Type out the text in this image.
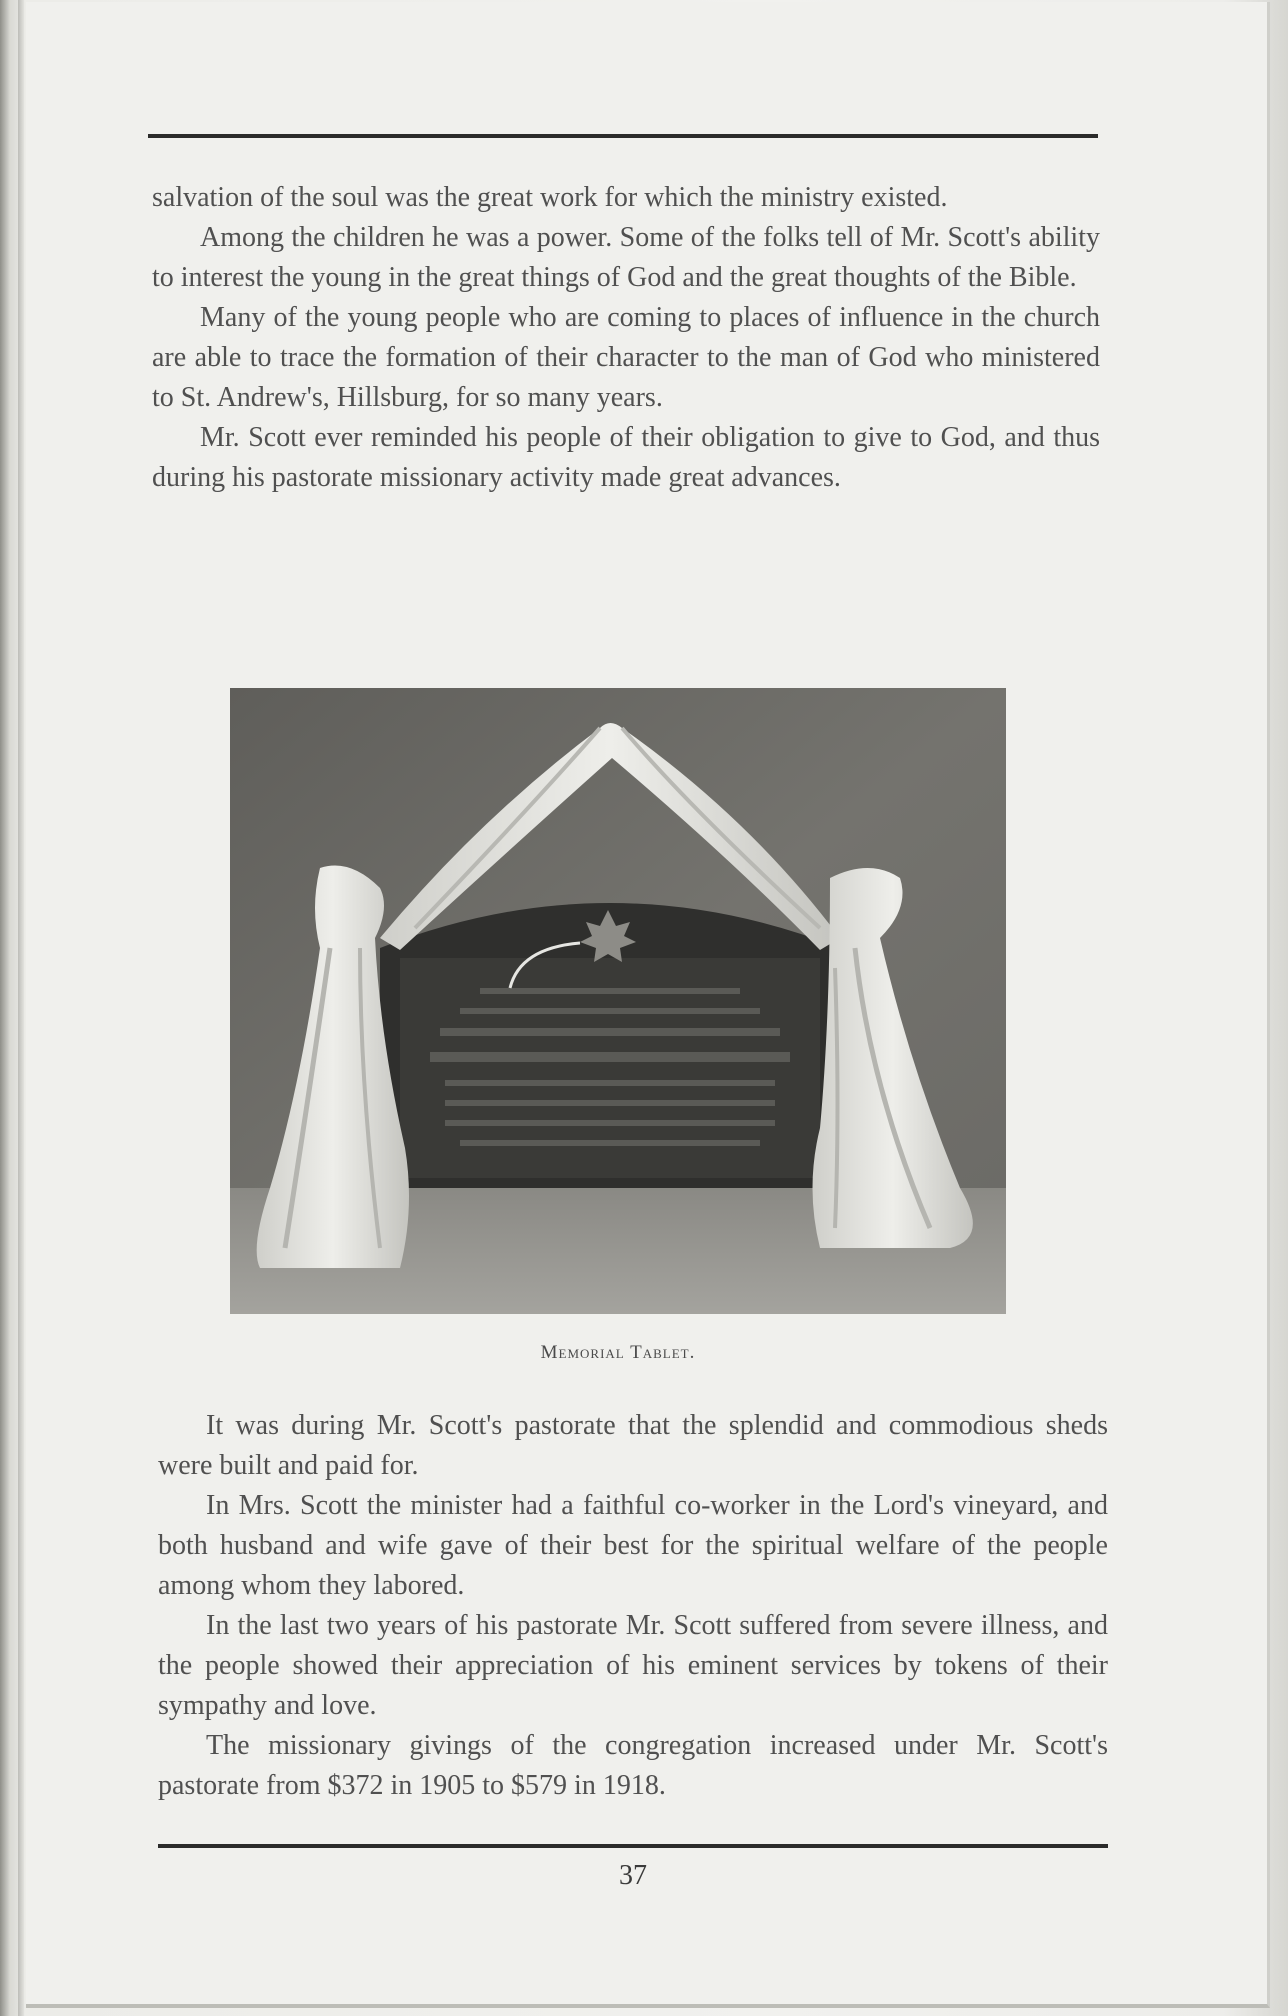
salvation of the soul was the great work for which the ministry existed.

Among the children he was a power. Some of the folks tell of Mr. Scott's ability to interest the young in the great things of God and the great thoughts of the Bible.

Many of the young people who are coming to places of influence in the church are able to trace the formation of their character to the man of God who ministered to St. Andrew's, Hillsburg, for so many years.

Mr. Scott ever reminded his people of their obligation to give to God, and thus during his pastorate missionary activity made great advances.

Memorial Tablet.

It was during Mr. Scott's pastorate that the splendid and commodious sheds were built and paid for.

In Mrs. Scott the minister had a faithful co-worker in the Lord's vineyard, and both husband and wife gave of their best for the spiritual welfare of the people among whom they labored.

In the last two years of his pastorate Mr. Scott suffered from severe illness, and the people showed their appreciation of his eminent services by tokens of their sympathy and love.

The missionary givings of the congregation increased under Mr. Scott's pastorate from $372 in 1905 to $579 in 1918.

37
